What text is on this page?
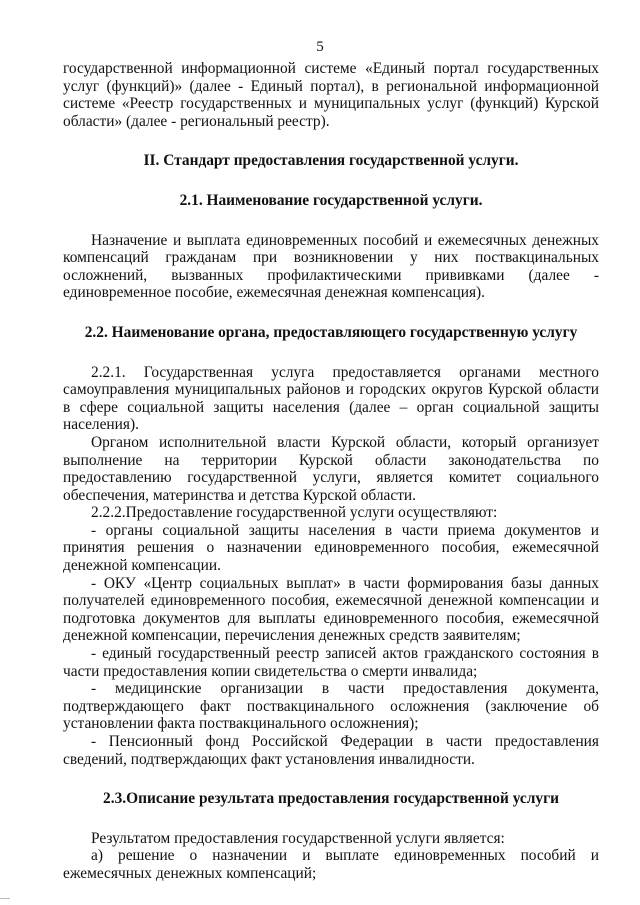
5

государственной информационной системе «Единый портал государственных услуг (функций)» (далее - Единый портал), в региональной информационной системе «Реестр государственных и муниципальных услуг (функций) Курской области» (далее - региональный реестр).

II. Стандарт предоставления государственной услуги.

2.1. Наименование государственной услуги.

Назначение и выплата единовременных пособий и ежемесячных денежных компенсаций гражданам при возникновении у них поствакцинальных осложнений, вызванных профилактическими прививками (далее - единовременное пособие, ежемесячная денежная компенсация).

2.2. Наименование органа, предоставляющего государственную услугу

2.2.1. Государственная услуга предоставляется органами местного самоуправления муниципальных районов и городских округов Курской области в сфере социальной защиты населения (далее – орган социальной защиты населения).

Органом исполнительной власти Курской области, который организует выполнение на территории Курской области законодательства по предоставлению государственной услуги, является комитет социального обеспечения, материнства и детства Курской области.

2.2.2.Предоставление государственной услуги осуществляют:

- органы социальной защиты населения в части приема документов и принятия решения о назначении единовременного пособия, ежемесячной денежной компенсации.

- ОКУ «Центр социальных выплат» в части формирования базы данных получателей единовременного пособия, ежемесячной денежной компенсации и подготовка документов для выплаты единовременного пособия, ежемесячной денежной компенсации, перечисления денежных средств заявителям;

- единый государственный реестр записей актов гражданского состояния в части предоставления копии свидетельства о смерти инвалида;

- медицинские организации в части предоставления документа, подтверждающего факт поствакцинального осложнения (заключение об установлении факта поствакцинального осложнения);

- Пенсионный фонд Российской Федерации в части предоставления сведений, подтверждающих факт установления инвалидности.

2.3.Описание результата предоставления государственной услуги

Результатом предоставления государственной услуги является:

а) решение о назначении и выплате единовременных пособий и ежемесячных денежных компенсаций;
